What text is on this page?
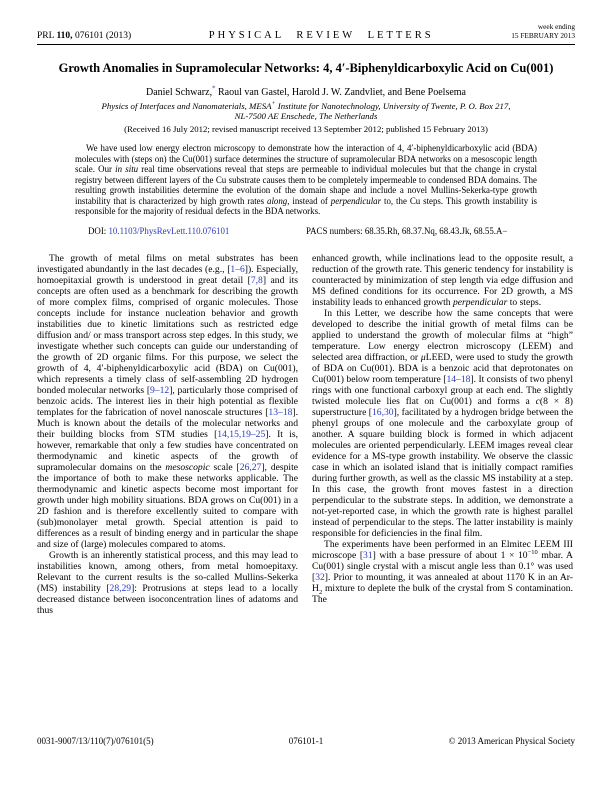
PRL 110, 076101 (2013)	PHYSICAL REVIEW LETTERS
week ending
15 FEBRUARY 2013
Growth Anomalies in Supramolecular Networks: 4, 4′-Biphenyldicarboxylic Acid on Cu(001)
Daniel Schwarz,* Raoul van Gastel, Harold J. W. Zandvliet, and Bene Poelsema
Physics of Interfaces and Nanomaterials, MESA+ Institute for Nanotechnology, University of Twente, P. O. Box 217,
NL-7500 AE Enschede, The Netherlands
(Received 16 July 2012; revised manuscript received 13 September 2012; published 15 February 2013)
We have used low energy electron microscopy to demonstrate how the interaction of 4, 4′-biphenyldicarboxylic acid (BDA) molecules with (steps on) the Cu(001) surface determines the structure of supramolecular BDA networks on a mesoscopic length scale. Our in situ real time observations reveal that steps are permeable to individual molecules but that the change in crystal registry between different layers of the Cu substrate causes them to be completely impermeable to condensed BDA domains. The resulting growth instabilities determine the evolution of the domain shape and include a novel Mullins-Sekerka-type growth instability that is characterized by high growth rates along, instead of perpendicular to, the Cu steps. This growth instability is responsible for the majority of residual defects in the BDA networks.
DOI: 10.1103/PhysRevLett.110.076101	PACS numbers: 68.35.Rh, 68.37.Nq, 68.43.Jk, 68.55.A−

The growth of metal films on metal substrates has been investigated abundantly in the last decades (e.g., [1–6]). Especially, homoepitaxial growth is understood in great detail [7,8] and its concepts are often used as a benchmark for describing the growth of more complex films, comprised of organic molecules. Those concepts include for instance nucleation behavior and growth instabilities due to kinetic limitations such as restricted edge diffusion and/ or mass transport across step edges. In this study, we investigate whether such concepts can guide our understanding of the growth of 2D organic films. For this purpose, we select the growth of 4, 4′-biphenyldicarboxylic acid (BDA) on Cu(001), which represents a timely class of self-assembling 2D hydrogen bonded molecular networks [9–12], particularly those comprised of benzoic acids. The interest lies in their high potential as flexible templates for the fabrication of novel nanoscale structures [13–18]. Much is known about the details of the molecular networks and their building blocks from STM studies [14,15,19–25]. It is, however, remarkable that only a few studies have concentrated on thermodynamic and kinetic aspects of the growth of supramolecular domains on the mesoscopic scale [26,27], despite the importance of both to make these networks applicable. The thermodynamic and kinetic aspects become most important for growth under high mobility situations. BDA grows on Cu(001) in a 2D fashion and is therefore excellently suited to compare with (sub)monolayer metal growth. Special attention is paid to differences as a result of binding energy and in particular the shape and size of (large) molecules compared to atoms.

Growth is an inherently statistical process, and this may lead to instabilities known, among others, from metal homoepitaxy. Relevant to the current results is the so-called Mullins-Sekerka (MS) instability [28,29]: Protrusions at steps lead to a locally decreased distance between isoconcentration lines of adatoms and thus

enhanced growth, while inclinations lead to the opposite result, a reduction of the growth rate. This generic tendency for instability is counteracted by minimization of step length via edge diffusion and MS defined conditions for its occurrence. For 2D growth, a MS instability leads to enhanced growth perpendicular to steps.

In this Letter, we describe how the same concepts that were developed to describe the initial growth of metal films can be applied to understand the growth of molecular films at “high” temperature. Low energy electron microscopy (LEEM) and selected area diffraction, or μLEED, were used to study the growth of BDA on Cu(001). BDA is a benzoic acid that deprotonates on Cu(001) below room temperature [14–18]. It consists of two phenyl rings with one functional carboxyl group at each end. The slightly twisted molecule lies flat on Cu(001) and forms a c(8 × 8) superstructure [16,30], facilitated by a hydrogen bridge between the phenyl groups of one molecule and the carboxylate group of another. A square building block is formed in which adjacent molecules are oriented perpendicularly. LEEM images reveal clear evidence for a MS-type growth instability. We observe the classic case in which an isolated island that is initially compact ramifies during further growth, as well as the classic MS instability at a step. In this case, the growth front moves fastest in a direction perpendicular to the substrate steps. In addition, we demonstrate a not-yet-reported case, in which the growth rate is highest parallel instead of perpendicular to the steps. The latter instability is mainly responsible for deficiencies in the final film.

The experiments have been performed in an Elmitec LEEM III microscope [31] with a base pressure of about $1 \times 10^{-10}$ mbar. A Cu(001) single crystal with a miscut angle less than 0.1° was used [32]. Prior to mounting, it was annealed at about 1170 K in an $Ar-H_2$ mixture to deplete the bulk of the crystal from S contamination. The

0031-9007/13/110(7)/076101(5)	076101-1	© 2013 American Physical Society
